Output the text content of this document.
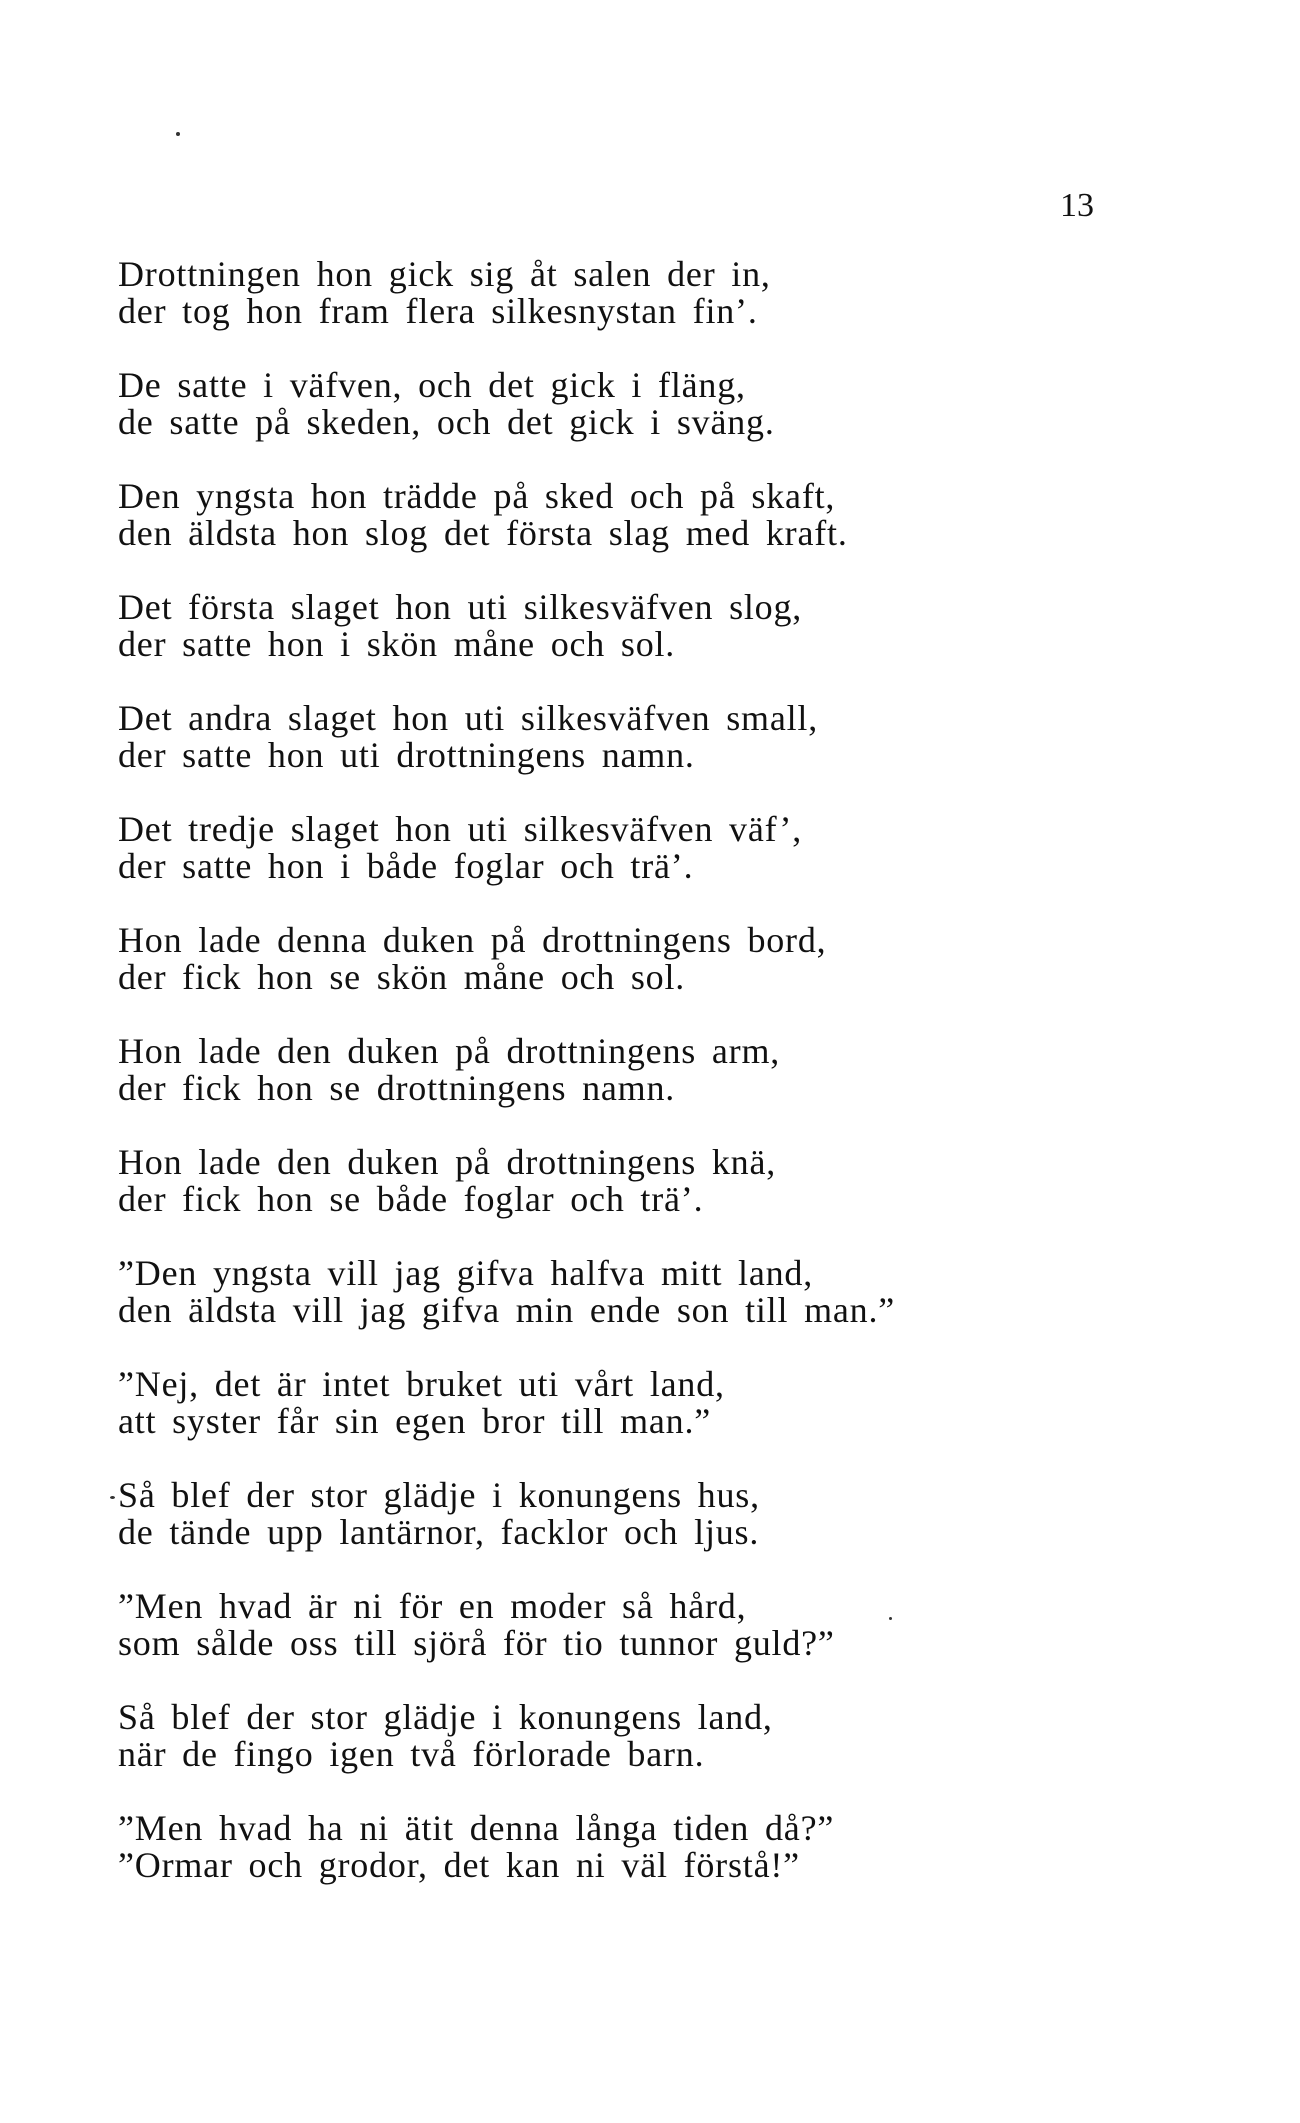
13
Drottningen hon gick sig åt salen der in,
der tog hon fram flera silkesnystan fin’.
De satte i väfven, och det gick i fläng,
de satte på skeden, och det gick i sväng.
Den yngsta hon trädde på sked och på skaft,
den äldsta hon slog det första slag med kraft.
Det första slaget hon uti silkesväfven slog,
der satte hon i skön måne och sol.
Det andra slaget hon uti silkesväfven small,
der satte hon uti drottningens namn.
Det tredje slaget hon uti silkesväfven väf’,
der satte hon i både foglar och trä’.
Hon lade denna duken på drottningens bord,
der fick hon se skön måne och sol.
Hon lade den duken på drottningens arm,
der fick hon se drottningens namn.
Hon lade den duken på drottningens knä,
der fick hon se både foglar och trä’.
”Den yngsta vill jag gifva halfva mitt land,
den äldsta vill jag gifva min ende son till man.”
”Nej, det är intet bruket uti vårt land,
att syster får sin egen bror till man.”
Så blef der stor glädje i konungens hus,
de tände upp lantärnor, facklor och ljus.
”Men hvad är ni för en moder så hård,
som sålde oss till sjörå för tio tunnor guld?”
Så blef der stor glädje i konungens land,
när de fingo igen två förlorade barn.
”Men hvad ha ni ätit denna långa tiden då?”
”Ormar och grodor, det kan ni väl förstå!”
